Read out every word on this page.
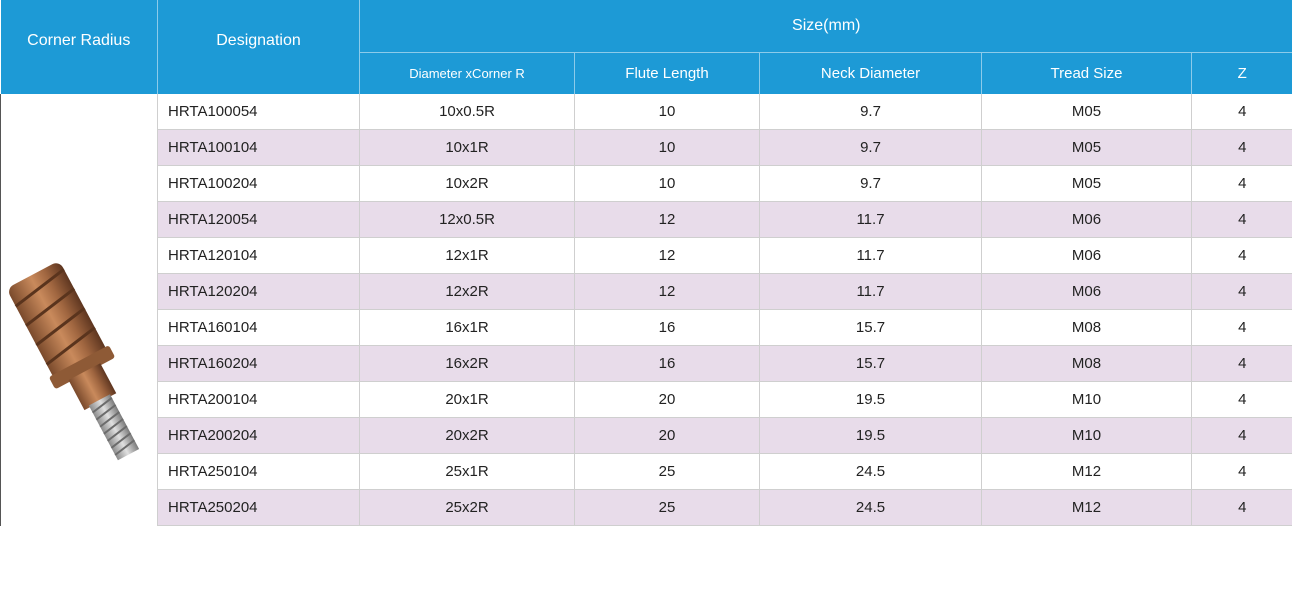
Corner Radius	Designation	Size(mm)				
		Diameter xCorner R	Flute Length	Neck Diameter	Tread Size	Z

	HRTA100054	10x0.5R	10	9.7	M05	4
	HRTA100104	10x1R	10	9.7	M05	4
	HRTA100204	10x2R	10	9.7	M05	4
	HRTA120054	12x0.5R	12	11.7	M06	4
	HRTA120104	12x1R	12	11.7	M06	4
	HRTA120204	12x2R	12	11.7	M06	4
	HRTA160104	16x1R	16	15.7	M08	4
	HRTA160204	16x2R	16	15.7	M08	4
	HRTA200104	20x1R	20	19.5	M10	4
	HRTA200204	20x2R	20	19.5	M10	4
	HRTA250104	25x1R	25	24.5	M12	4
	HRTA250204	25x2R	25	24.5	M12	4
